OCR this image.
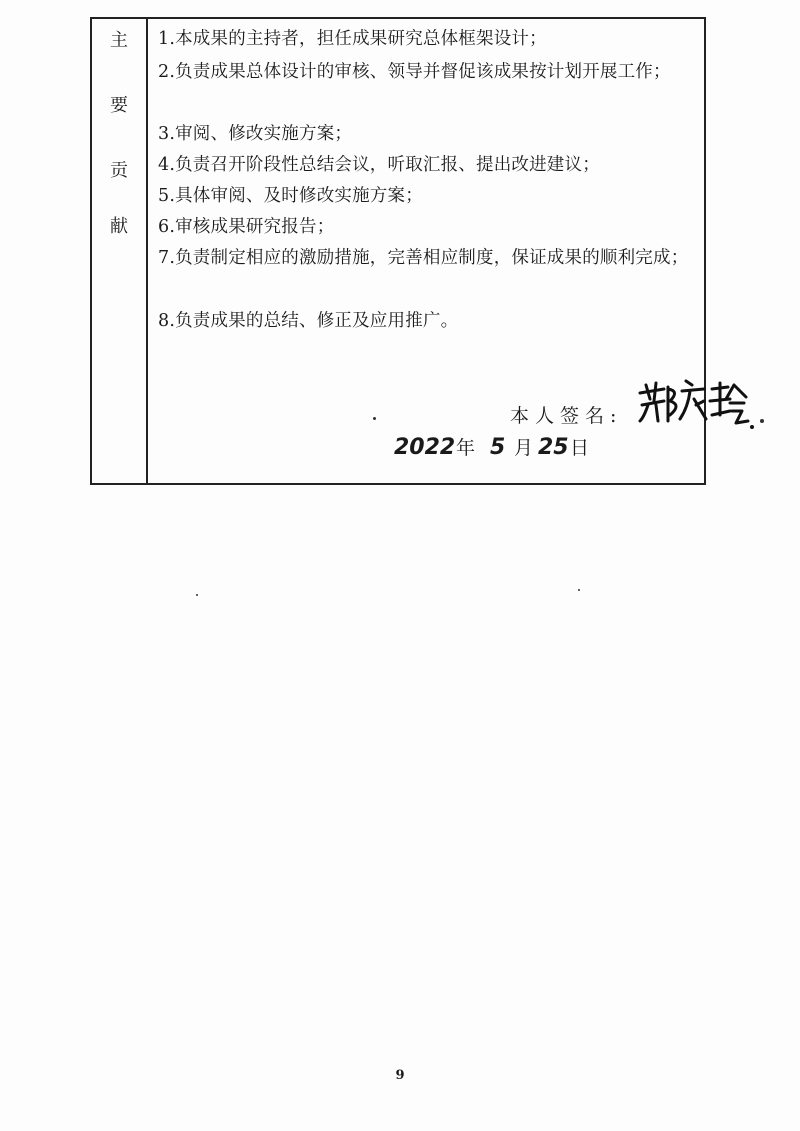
主
要
贡
献

1.本成果的主持者，担任成果研究总体框架设计；

2.负责成果总体设计的审核、领导并督促该成果按计划开展工作；

3.审阅、修改实施方案；

4.负责召开阶段性总结会议，听取汇报、提出改进建议；

5.具体审阅、及时修改实施方案；

6.审核成果研究报告；

7.负责制定相应的激励措施，完善相应制度，保证成果的顺利完成；

8.负责成果的总结、修正及应用推广。

本人签名:
2022 年 5 月 25 日
9
